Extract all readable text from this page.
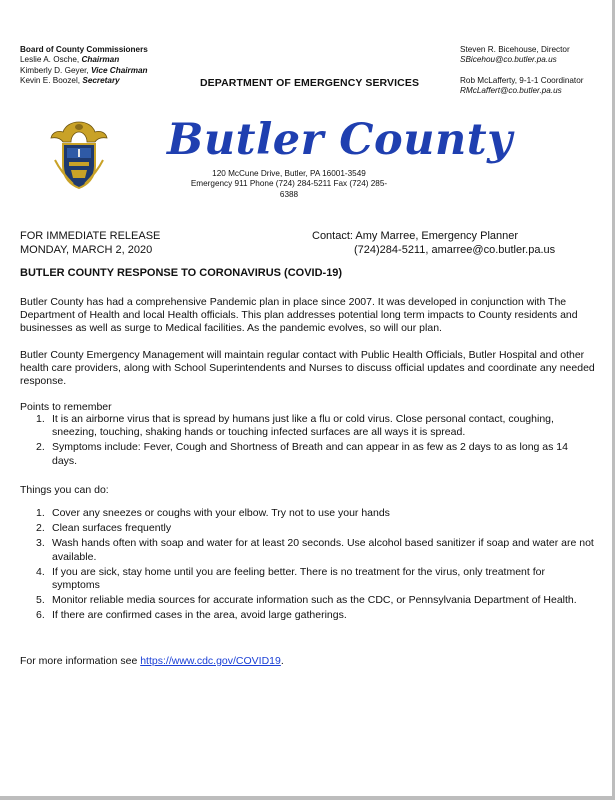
Board of County Commissioners
Leslie A. Osche, Chairman
Kimberly D. Geyer, Vice Chairman
Kevin E. Boozel, Secretary	DEPARTMENT OF EMERGENCY SERVICES
Steven R. Bicehouse, Director
SBicehou@co.butler.pa.us
Rob McLafferty, 9-1-1 Coordinator
RMcLaffert@co.butler.pa.us
Butler County
120 McCune Drive, Butler, PA 16001-3549
Emergency 911 Phone (724) 284-5211 Fax (724) 285-6388
FOR IMMEDIATE RELEASE
MONDAY, MARCH 2, 2020
Contact: Amy Marree, Emergency Planner
(724)284-5211, amarree@co.butler.pa.us
BUTLER COUNTY RESPONSE TO CORONAVIRUS (COVID-19)
Butler County has had a comprehensive Pandemic plan in place since 2007. It was developed in conjunction with The Department of Health and local Health officials. This plan addresses potential long term impacts to County residents and businesses as well as surge to Medical facilities. As the pandemic evolves, so will our plan.
Butler County Emergency Management will maintain regular contact with Public Health Officials, Butler Hospital and other health care providers, along with School Superintendents and Nurses to discuss official updates and coordinate any needed response.
Points to remember
1. It is an airborne virus that is spread by humans just like a flu or cold virus. Close personal contact, coughing, sneezing, touching, shaking hands or touching infected surfaces are all ways it is spread.
2. Symptoms include: Fever, Cough and Shortness of Breath and can appear in as few as 2 days to as long as 14 days.
Things you can do:
1. Cover any sneezes or coughs with your elbow. Try not to use your hands
2. Clean surfaces frequently
3. Wash hands often with soap and water for at least 20 seconds. Use alcohol based sanitizer if soap and water are not available.
4. If you are sick, stay home until you are feeling better. There is no treatment for the virus, only treatment for symptoms
5. Monitor reliable media sources for accurate information such as the CDC, or Pennsylvania Department of Health.
6. If there are confirmed cases in the area, avoid large gatherings.
For more information see https://www.cdc.gov/COVID19.
